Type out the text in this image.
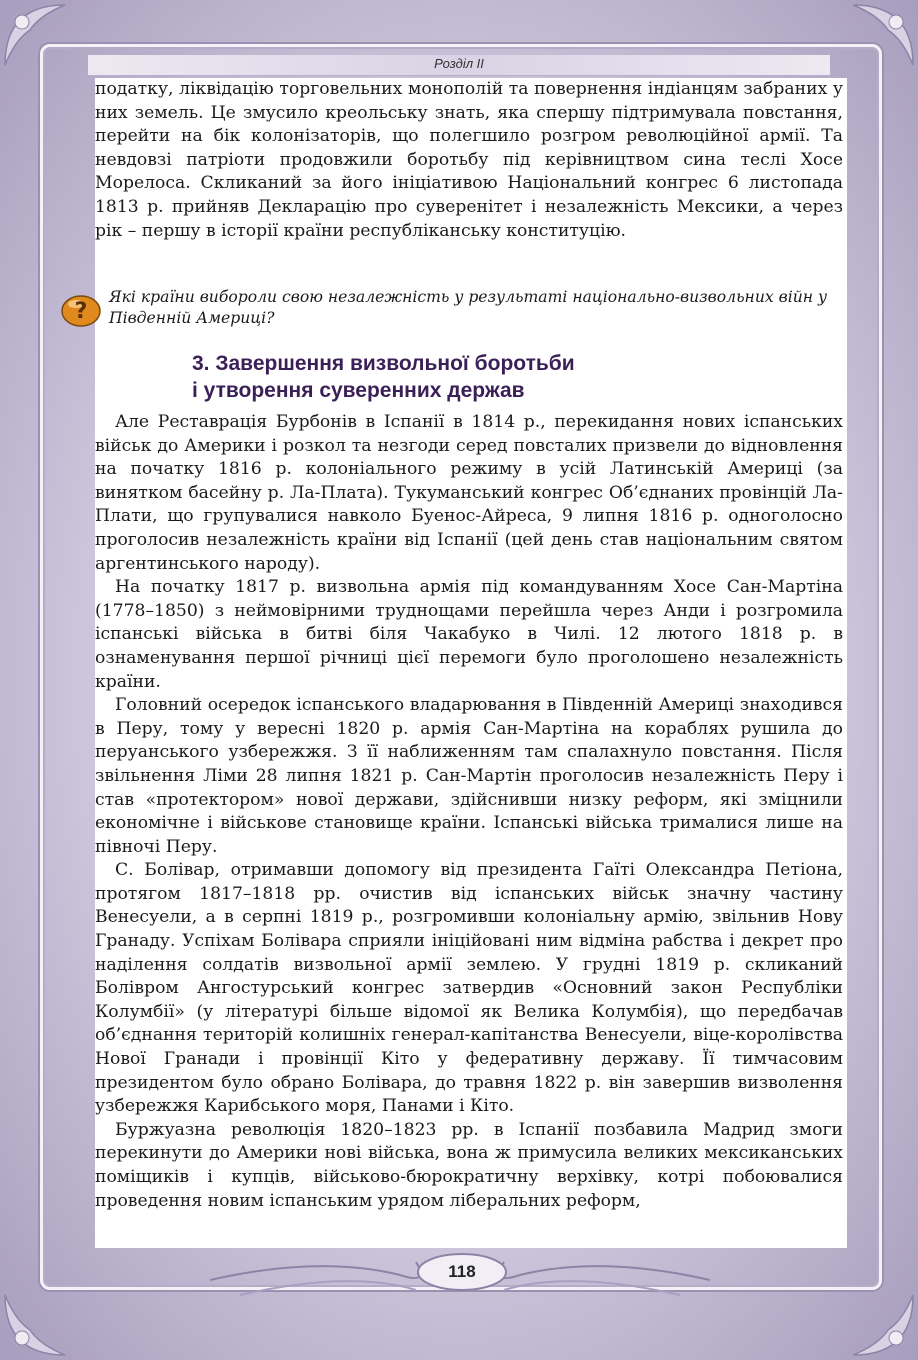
Розділ II

податку, ліквідацію торговельних монополій та повернення індіанцям забраних у них земель. Це змусило креольську знать, яка спершу підтримувала повстання, перейти на бік колонізаторів, що полегшило розгром революційної армії. Та невдовзі патріоти продовжили боротьбу під керівництвом сина теслі Хосе Морелоса. Скликаний за його ініціативою Національний конгрес 6 листопада 1813 р. прийняв Декларацію про суверенітет і незалежність Мексики, а через рік – першу в історії країни республіканську конституцію.

Які країни вибороли свою незалежність у результаті національно-визвольних війн у Південній Америці?
3. Завершення визвольної боротьби
і утворення суверенних держав

Але Реставрація Бурбонів в Іспанії в 1814 р., перекидання нових іспанських військ до Америки і розкол та незгоди серед повсталих призвели до відновлення на початку 1816 р. колоніального режиму в усій Латинській Америці (за винятком басейну р. Ла-Плата). Тукуманський конгрес Об’єднаних провінцій Ла-Плати, що групувалися навколо Буенос-Айреса, 9 липня 1816 р. одноголосно проголосив незалежність країни від Іспанії (цей день став національним святом аргентинського народу).

На початку 1817 р. визвольна армія під командуванням Хосе Сан-Мартіна (1778–1850) з неймовірними труднощами перейшла через Анди і розгромила іспанські війська в битві біля Чакабуко в Чилі. 12 лютого 1818 р. в ознаменування першої річниці цієї перемоги було проголошено незалежність країни.

Головний осередок іспанського владарювання в Південній Америці знаходився в Перу, тому у вересні 1820 р. армія Сан-Мартіна на кораблях рушила до перуанського узбережжя. З її наближенням там спалахнуло повстання. Після звільнення Ліми 28 липня 1821 р. Сан-Мартін проголосив незалежність Перу і став «протектором» нової держави, здійснивши низку реформ, які зміцнили економічне і військове становище країни. Іспанські війська трималися лише на півночі Перу.

С. Болівар, отримавши допомогу від президента Гаїті Олександра Петіона, протягом 1817–1818 рр. очистив від іспанських військ значну частину Венесуели, а в серпні 1819 р., розгромивши колоніальну армію, звільнив Нову Гранаду. Успіхам Болівара сприяли ініційовані ним відміна рабства і декрет про наділення солдатів визвольної армії землею. У грудні 1819 р. скликаний Болівром Ангостурський конгрес затвердив «Основний закон Республіки Колумбії» (у літературі більше відомої як Велика Колумбія), що передбачав об’єднання територій колишніх генерал-капітанства Венесуели, віце-королівства Нової Гранади і провінції Кіто у федеративну державу. Її тимчасовим президентом було обрано Болівара, до травня 1822 р. він завершив визволення узбережжя Карибського моря, Панами і Кіто.

Буржуазна революція 1820–1823 рр. в Іспанії позбавила Мадрид змоги перекинути до Америки нові війська, вона ж примусила великих мексиканських поміщиків і купців, військово-бюрократичну верхівку, котрі побоювалися проведення новим іспанським урядом ліберальних реформ,

?
118
